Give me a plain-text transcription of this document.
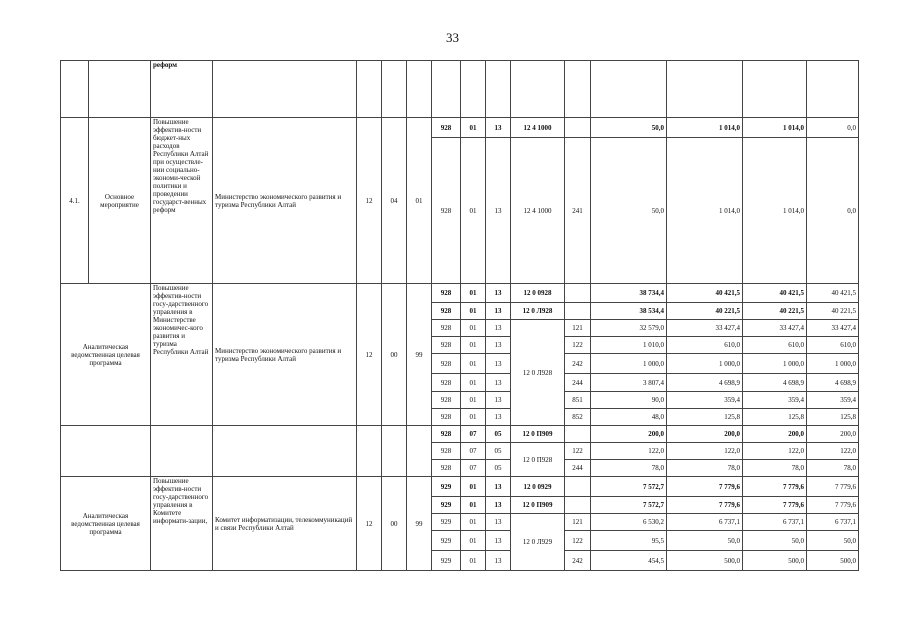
33
		реформ													
4.1.	Основное мероприятие	Повышение эффектив-ности бюджет-ных расходов Республики Алтай при осуществле-нии социально-экономи-ческой политики и проведении государст-венных реформ	Министерство экономического развития и туризма Республики Алтай	12	04	01	928	01	13	12 4 1000		50,0	1 014,0	1 014,0	0,0
							928	01	13	12 4 1000	241	50,0	1 014,0	1 014,0	0,0
Аналитическая ведомственная целевая программа		Повышение эффектив-ности госу-дарственного управления в Министерстве экономичес-кого развития и туризма Республики Алтай	Министерство экономического развития и туризма Республики Алтай	12	00	99	928	01	13	12 0 0928		38 734,4	40 421,5	40 421,5	40 421,5
							928	01	13	12 0 Л928		38 534,4	40 221,5	40 221,5	40 221,5
							928	01	13	12 0 Л928	121	32 579,0	33 427,4	33 427,4	33 427,4
							928	01	13		122	1 010,0	610,0	610,0	610,0
							928	01	13		242	1 000,0	1 000,0	1 000,0	1 000,0
							928	01	13		244	3 807,4	4 698,9	4 698,9	4 698,9
							928	01	13		851	90,0	359,4	359,4	359,4
							928	01	13		852	48,0	125,8	125,8	125,8
							928	07	05	12 0 П909		200,0	200,0	200,0	200,0
							928	07	05	12 0 П928	122	122,0	122,0	122,0	122,0
							928	07	05		244	78,0	78,0	78,0	78,0
Аналитическая ведомственная целевая программа		Повышение эффектив-ности госу-дарственного управления в Комитете информати-зации,	Комитет информатизации, телекоммуникаций и связи Республики Алтай	12	00	99	929	01	13	12 0 0929		7 572,7	7 779,6	7 779,6	7 779,6
							929	01	13	12 0 П909		7 572,7	7 779,6	7 779,6	7 779,6
							929	01	13	12 0 Л929	121	6 530,2	6 737,1	6 737,1	6 737,1
							929	01	13		122	95,5	50,0	50,0	50,0
							929	01	13		242	454,5	500,0	500,0	500,0
